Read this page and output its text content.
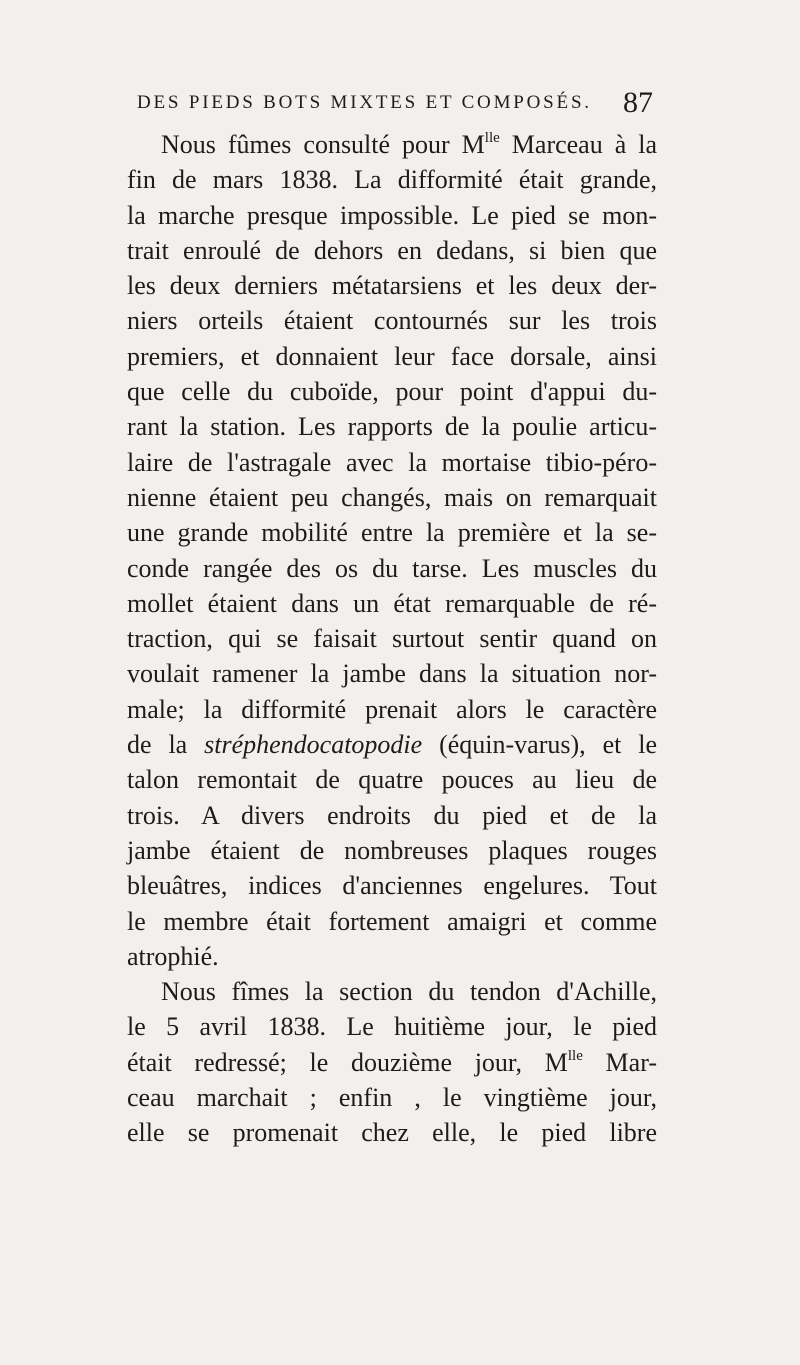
DES PIEDS BOTS MIXTES ET COMPOSÉS.	87
Nous fûmes consulté pour $M^{lle}$ Marceau à la
fin de mars 1838. La difformité était grande,
la marche presque impossible. Le pied se mon-
trait enroulé de dehors en dedans, si bien que
les deux derniers métatarsiens et les deux der-
niers orteils étaient contournés sur les trois
premiers, et donnaient leur face dorsale, ainsi
que celle du cuboïde, pour point d'appui du-
rant la station. Les rapports de la poulie articu-
laire de l'astragale avec la mortaise tibio-péro-
nienne étaient peu changés, mais on remarquait
une grande mobilité entre la première et la se-
conde rangée des os du tarse. Les muscles du
mollet étaient dans un état remarquable de ré-
traction, qui se faisait surtout sentir quand on
voulait ramener la jambe dans la situation nor-
male; la difformité prenait alors le caractère
de la stréphendocatopodie (équin-varus), et le
talon remontait de quatre pouces au lieu de
trois. A divers endroits du pied et de la
jambe étaient de nombreuses plaques rouges
bleuâtres, indices d'anciennes engelures. Tout
le membre était fortement amaigri et comme
atrophié.
Nous fîmes la section du tendon d'Achille,
le 5 avril 1838. Le huitième jour, le pied
était redressé; le douzième jour, $M^{lle}$ Mar-
ceau marchait ; enfin , le vingtième jour,
elle se promenait chez elle, le pied libre
